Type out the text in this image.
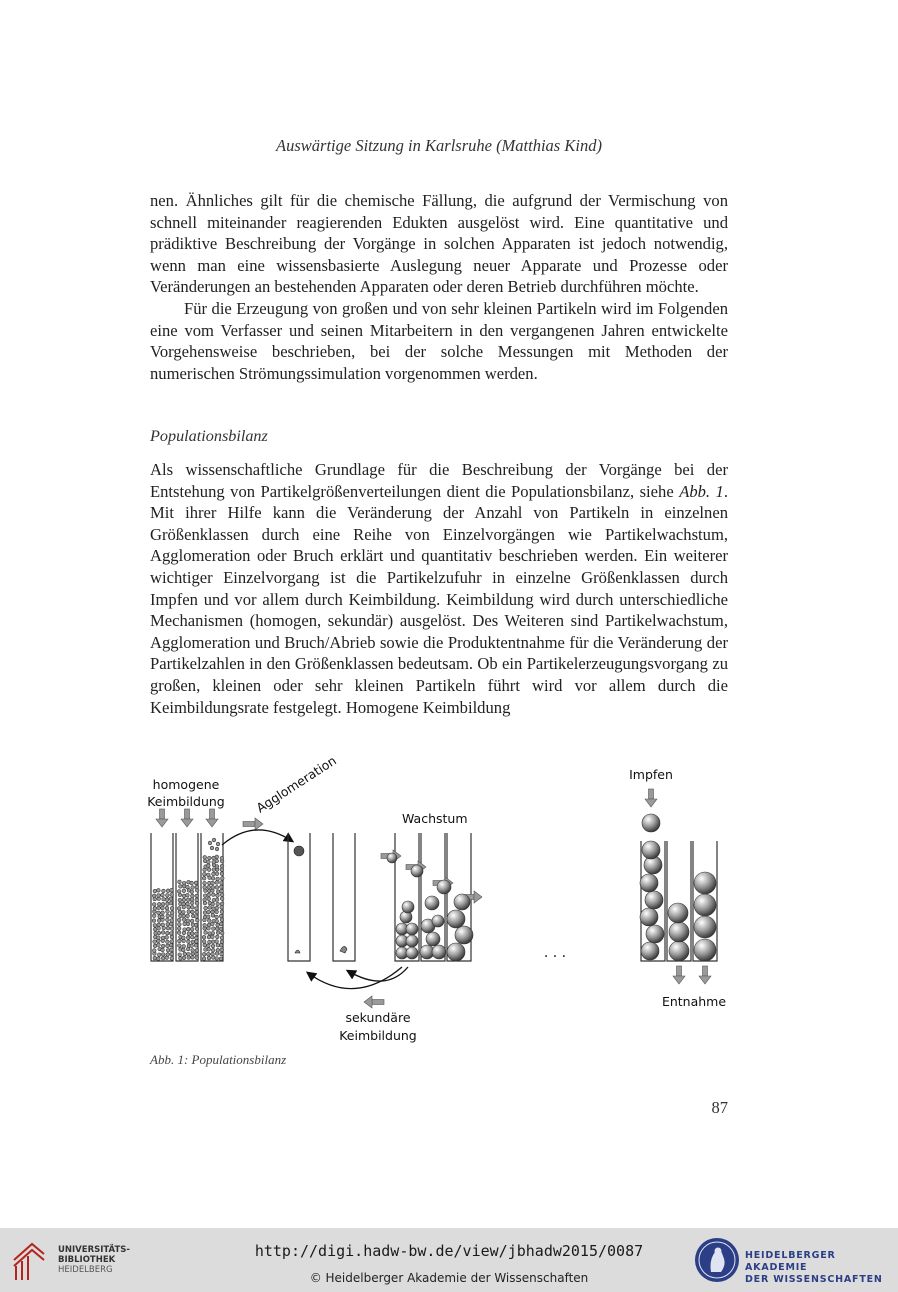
Auswärtige Sitzung in Karlsruhe (Matthias Kind)

nen. Ähnliches gilt für die chemische Fällung, die aufgrund der Vermischung von schnell miteinander reagierenden Edukten ausgelöst wird. Eine quantitative und prädiktive Beschreibung der Vorgänge in solchen Apparaten ist jedoch notwendig, wenn man eine wissensbasierte Auslegung neuer Apparate und Prozesse oder Veränderungen an bestehenden Apparaten oder deren Betrieb durchführen möchte.

Für die Erzeugung von großen und von sehr kleinen Partikeln wird im Folgenden eine vom Verfasser und seinen Mitarbeitern in den vergangenen Jahren entwickelte Vorgehensweise beschrieben, bei der solche Messungen mit Methoden der numerischen Strömungssimulation vorgenommen werden.

Populationsbilanz

Als wissenschaftliche Grundlage für die Beschreibung der Vorgänge bei der Entstehung von Partikelgrößenverteilungen dient die Populationsbilanz, siehe Abb. 1. Mit ihrer Hilfe kann die Veränderung der Anzahl von Partikeln in einzelnen Größenklassen durch eine Reihe von Einzelvorgängen wie Partikelwachstum, Agglomeration oder Bruch erklärt und quantitativ beschrieben werden. Ein weiterer wichtiger Einzelvorgang ist die Partikelzufuhr in einzelne Größenklassen durch Impfen und vor allem durch Keimbildung. Keimbildung wird durch unterschiedliche Mechanismen (homogen, sekundär) ausgelöst. Des Weiteren sind Partikelwachstum, Agglomeration und Bruch/Abrieb sowie die Produktentnahme für die Veränderung der Partikelzahlen in den Größenklassen bedeutsam. Ob ein Partikelerzeugungsvorgang zu großen, kleinen oder sehr kleinen Partikeln führt wird vor allem durch die Keimbildungsrate festgelegt. Homogene Keimbildung

homogene
Keimbildung Agglomeration
Wachstum
Impfen
sekundäre
Keimbildung
Entnahme
. . .
Abb. 1: Populationsbilanz
87
UNIVERSITÄTS-
BIBLIOTHEK
HEIDELBERG
http://digi.hadw-bw.de/view/jbhadw2015/0087
© Heidelberger Akademie der Wissenschaften
HEIDELBERGER AKADEMIE
DER WISSENSCHAFTEN
